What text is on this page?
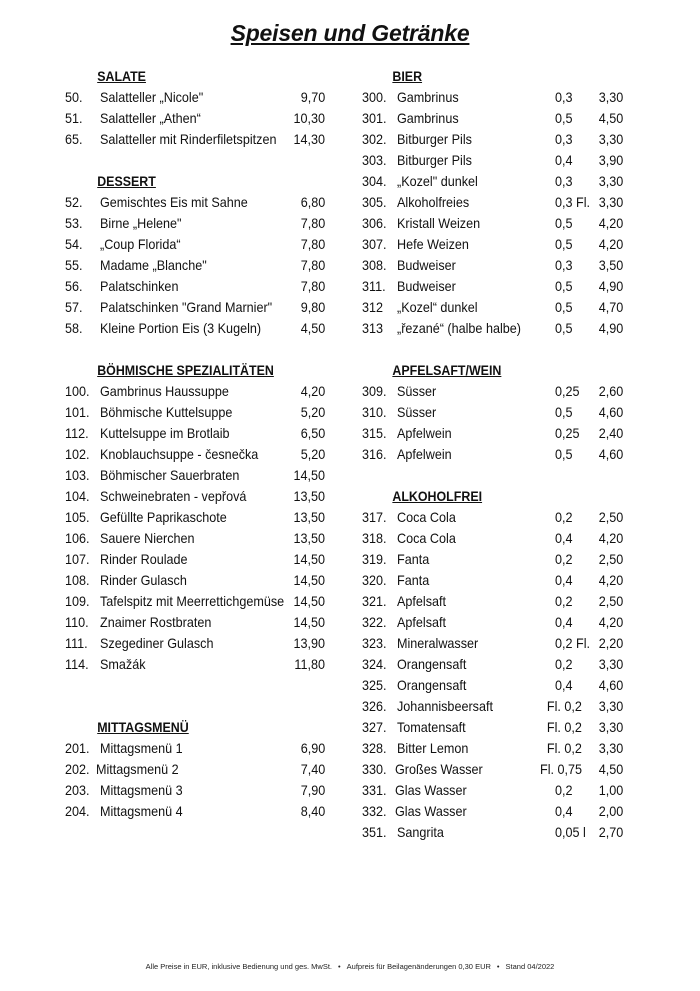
Speisen und Getränke
SALATE
50. Salatteller „Nicole"	9,70
51. Salatteller „Athen“	10,30
65. Salatteller mit Rinderfiletspitzen 14,30
DESSERT
52. Gemischtes Eis mit Sahne	6,80
53. Birne „Helene"	7,80
54. „Coup Florida“	7,80
55. Madame „Blanche"	7,80
56. Palatschinken	7,80
57. Palatschinken "Grand Marnier" 9,80
58. Kleine Portion Eis (3 Kugeln)	4,50
BÖHMISCHE SPEZIALITÄTEN
100. Gambrinus Haussuppe	4,20
101. Böhmische Kuttelsuppe	5,20
112. Kuttelsuppe im Brotlaib	6,50
102. Knoblauchsuppe - česnečka	5,20
103. Böhmischer Sauerbraten	14,50
104. Schweinebraten - vepřová	13,50
105. Gefüllte Paprikaschote	13,50
106. Sauere Nierchen	13,50
107. Rinder Roulade	14,50
108. Rinder Gulasch	14,50
109. Tafelspitz mit Meerrettichgemüse 14,50
110. Znaimer Rostbraten	14,50
111. Szegediner Gulasch	13,90
114. Smažák	11,80
MITTAGSMENÜ
201. Mittagsmenü 1	6,90
202. Mittagsmenü 2	7,40
203. Mittagsmenü 3	7,90
204. Mittagsmenü 4	8,40
BIER
300. Gambrinus	0,3 3,30
301. Gambrinus	0,5 4,50
302. Bitburger Pils	0,3 3,30
303. Bitburger Pils	0,4 3,90
304. „Kozel" dunkel	0,3 3,30
305. Alkoholfreies	0,3 Fl. 3,30
306. Kristall Weizen	0,5 4,20
307. Hefe Weizen	0,5 4,20
308. Budweiser	0,3 3,50
311. Budweiser	0,5 4,90
312 „Kozel“ dunkel	0,5 4,70
313 „řezané“ (halbe halbe) 0,5 4,90
APFELSAFT/WEIN
309. Süsser	0,25 2,60
310. Süsser	0,5 4,60
315. Apfelwein	0,25 2,40
316. Apfelwein	0,5 4,60
ALKOHOLFREI
317. Coca Cola	0,2 2,50
318. Coca Cola	0,4 4,20
319. Fanta	0,2 2,50
320. Fanta	0,4 4,20
321. Apfelsaft	0,2 2,50
322. Apfelsaft	0,4 4,20
323. Mineralwasser	0,2 Fl. 2,20
324. Orangensaft	0,2 3,30
325. Orangensaft	0,4 4,60
326. Johannisbeersaft	Fl. 0,2 3,30
327. Tomatensaft	Fl. 0,2 3,30
328. Bitter Lemon	Fl. 0,2 3,30
330. Großes Wasser	Fl. 0,75 4,50
331. Glas Wasser	0,2 1,00
332. Glas Wasser	0,4 2,00
351. Sangrita	0,05 l 2,70
Alle Preise in EUR, inklusive Bedienung und ges. MwSt. • Aufpreis für Beilagenänderungen 0,30 EUR • Stand 04/2022
